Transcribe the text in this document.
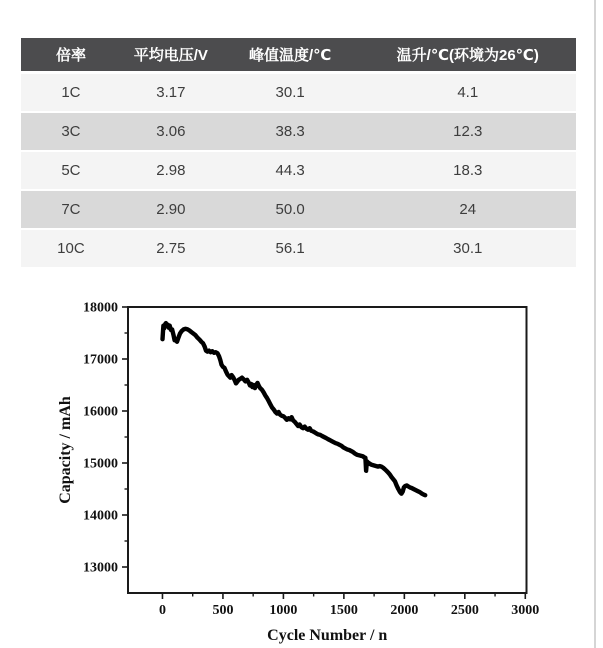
倍率	平均电压/V	峰值温度/℃	温升/℃(环境为26℃)
1C	3.17	30.1	4.1
3C	3.06	38.3	12.3
5C	2.98	44.3	18.3
7C	2.90	50.0	24
10C	2.75	56.1	30.1
0	500	1000 1500 2000 2500 3000
13000
14000
15000
16000
17000
18000
Cycle Number / n
Capacity / mAh
